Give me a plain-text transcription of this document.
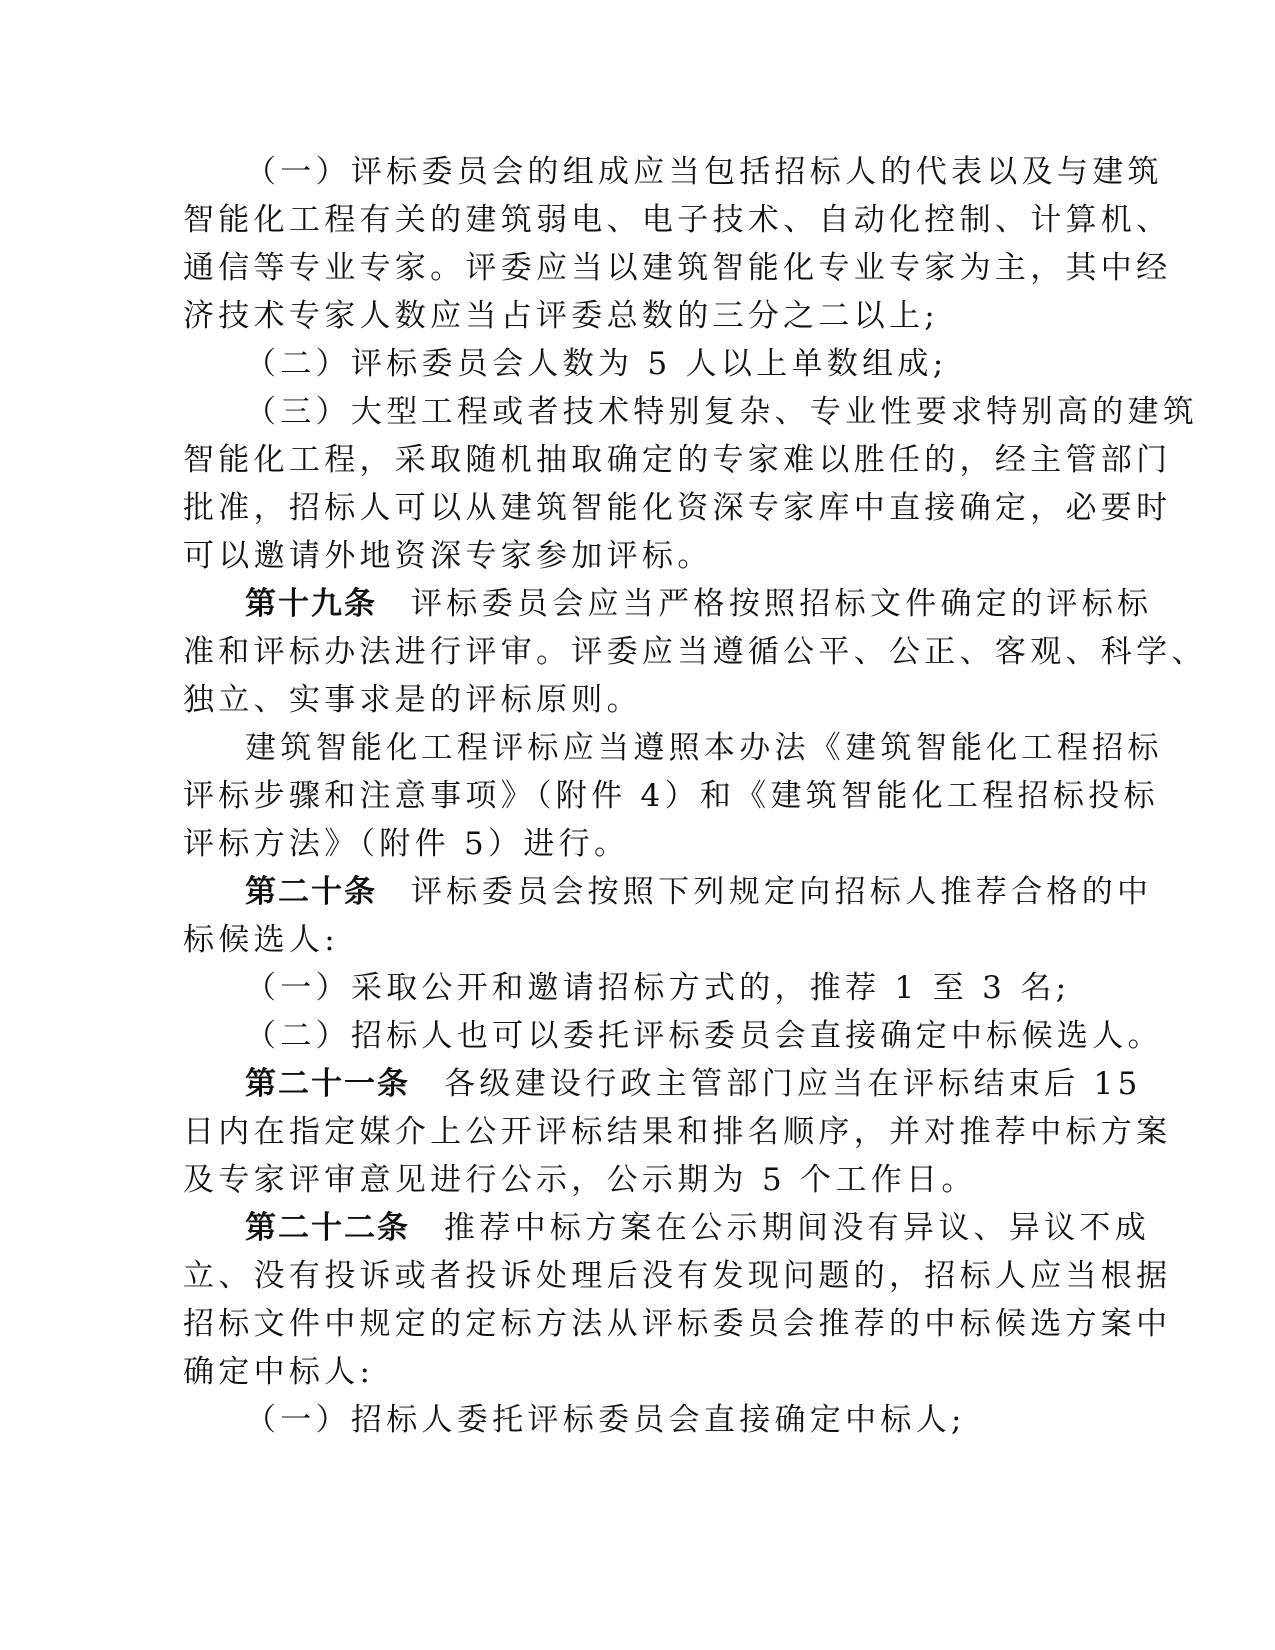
（一）评标委员会的组成应当包括招标人的代表以及与建筑
智能化工程有关的建筑弱电、电子技术、自动化控制、计算机、
通信等专业专家。评委应当以建筑智能化专业专家为主，其中经
济技术专家人数应当占评委总数的三分之二以上;
（二）评标委员会人数为 5 人以上单数组成;
（三）大型工程或者技术特别复杂、专业性要求特别高的建筑
智能化工程，采取随机抽取确定的专家难以胜任的，经主管部门
批准，招标人可以从建筑智能化资深专家库中直接确定，必要时
可以邀请外地资深专家参加评标。
第十九条 评标委员会应当严格按照招标文件确定的评标标
准和评标办法进行评审。评委应当遵循公平、公正、客观、科学、
独立、实事求是的评标原则。
建筑智能化工程评标应当遵照本办法《建筑智能化工程招标
评标步骤和注意事项》（附件 4）和《建筑智能化工程招标投标
评标方法》（附件 5）进行。
第二十条 评标委员会按照下列规定向招标人推荐合格的中
标候选人:
（一）采取公开和邀请招标方式的，推荐 1 至 3 名;
（二）招标人也可以委托评标委员会直接确定中标候选人。
第二十一条 各级建设行政主管部门应当在评标结束后 15
日内在指定媒介上公开评标结果和排名顺序，并对推荐中标方案
及专家评审意见进行公示，公示期为 5 个工作日。
第二十二条 推荐中标方案在公示期间没有异议、异议不成
立、没有投诉或者投诉处理后没有发现问题的，招标人应当根据
招标文件中规定的定标方法从评标委员会推荐的中标候选方案中
确定中标人:
（一）招标人委托评标委员会直接确定中标人;
